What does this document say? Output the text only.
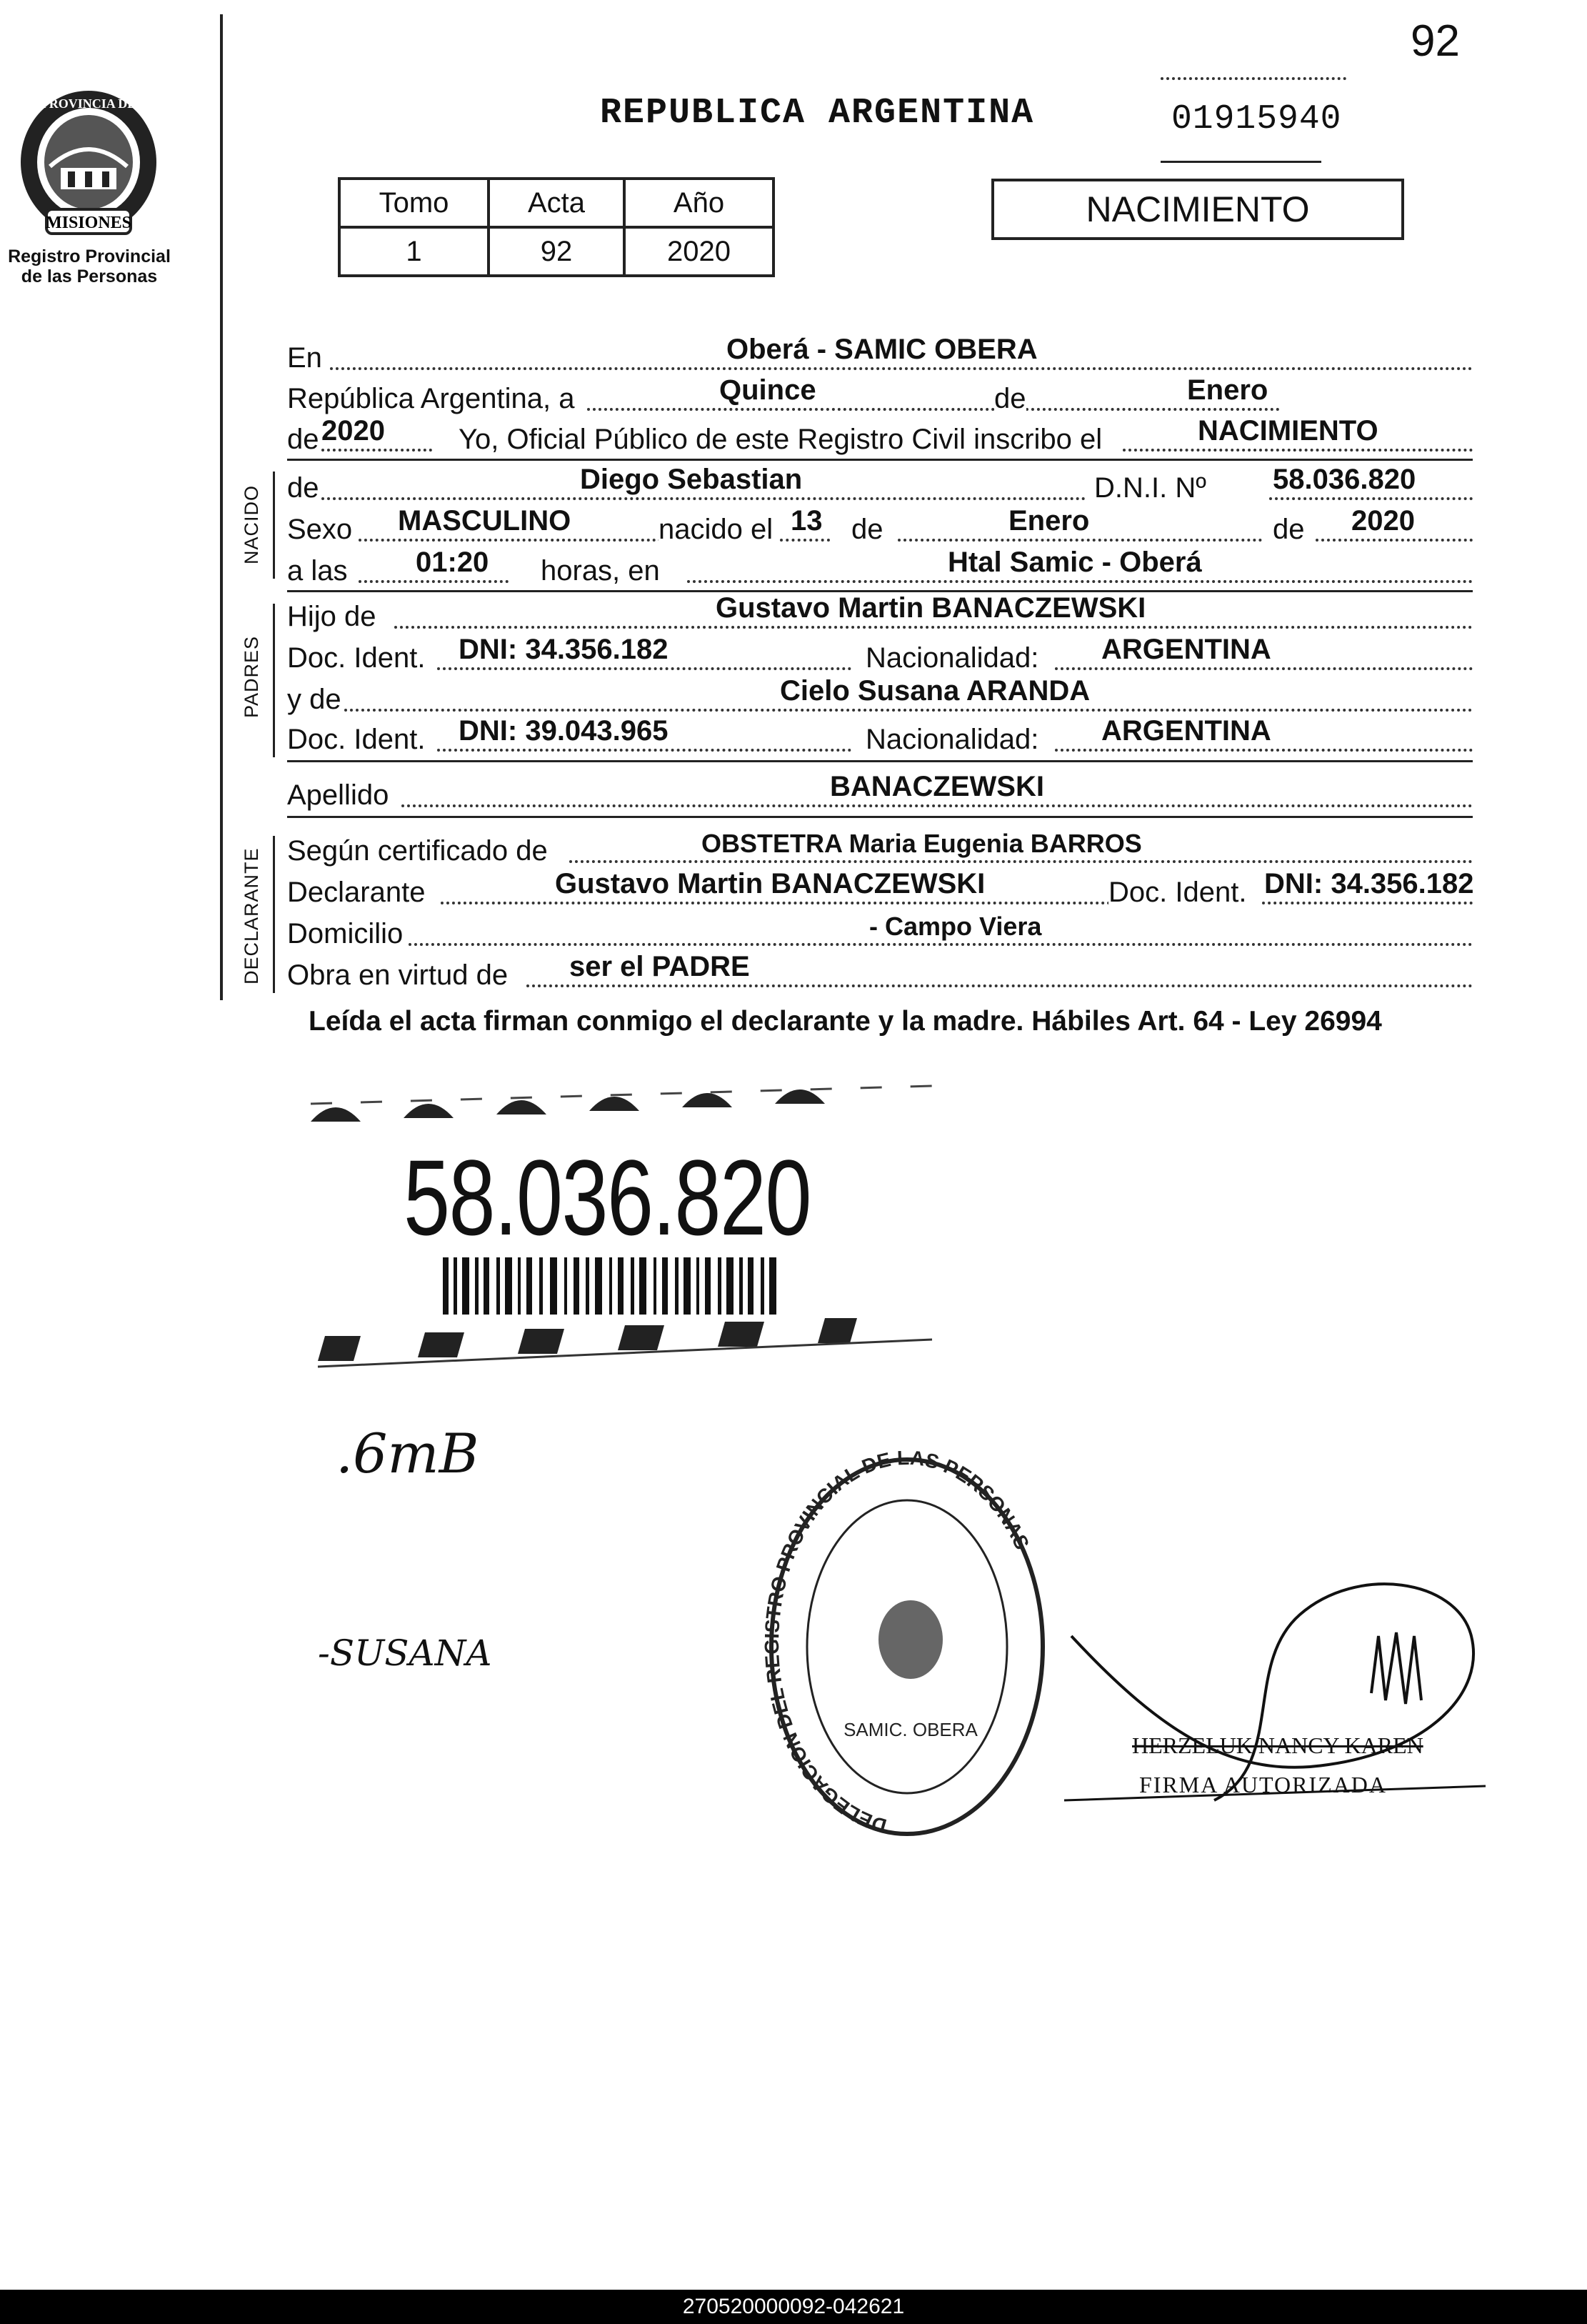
MISIONES
PROVINCIA DE
Registro Provincial
de las Personas
92
01915940
REPUBLICA ARGENTINA
Tomo	Acta	Año
1	92	2020
NACIMIENTO
En	Oberá - SAMIC OBERA
República Argentina, a	Quince	de	Enero
de 2020	Yo, Oficial Público de este Registro Civil inscribo el	NACIMIENTO
NACIDO de	Diego Sebastian	D.N.I. Nº 58.036.820
Sexo MASCULINO	nacido el 13 de	Enero	de 2020
a las 01:20 horas, en	Htal Samic - Oberá
PADRES
Hijo de	Gustavo Martin BANACZEWSKI
Doc. Ident. DNI: 34.356.182	Nacionalidad: ARGENTINA
y de	Cielo Susana ARANDA
Doc. Ident. DNI: 39.043.965	Nacionalidad: ARGENTINA
Apellido	BANACZEWSKI
DECLARANTE Según certificado de	OBSTETRA Maria Eugenia BARROS
Declarante	Gustavo Martin BANACZEWSKI	Doc. Ident. DNI: 34.356.182
Domicilio	- Campo Viera
Obra en virtud de ser el PADRE
Leída el acta firman conmigo el declarante y la madre. Hábiles Art. 64 - Ley 26994
58.036.820
.6mB
-SUSANA
DELEGACION DEL REGISTRO PROVINCIAL DE LAS PERSONAS
SAMIC. OBERA
HERZELUK NANCY KAREN
FIRMA AUTORIZADA
270520000092-042621
